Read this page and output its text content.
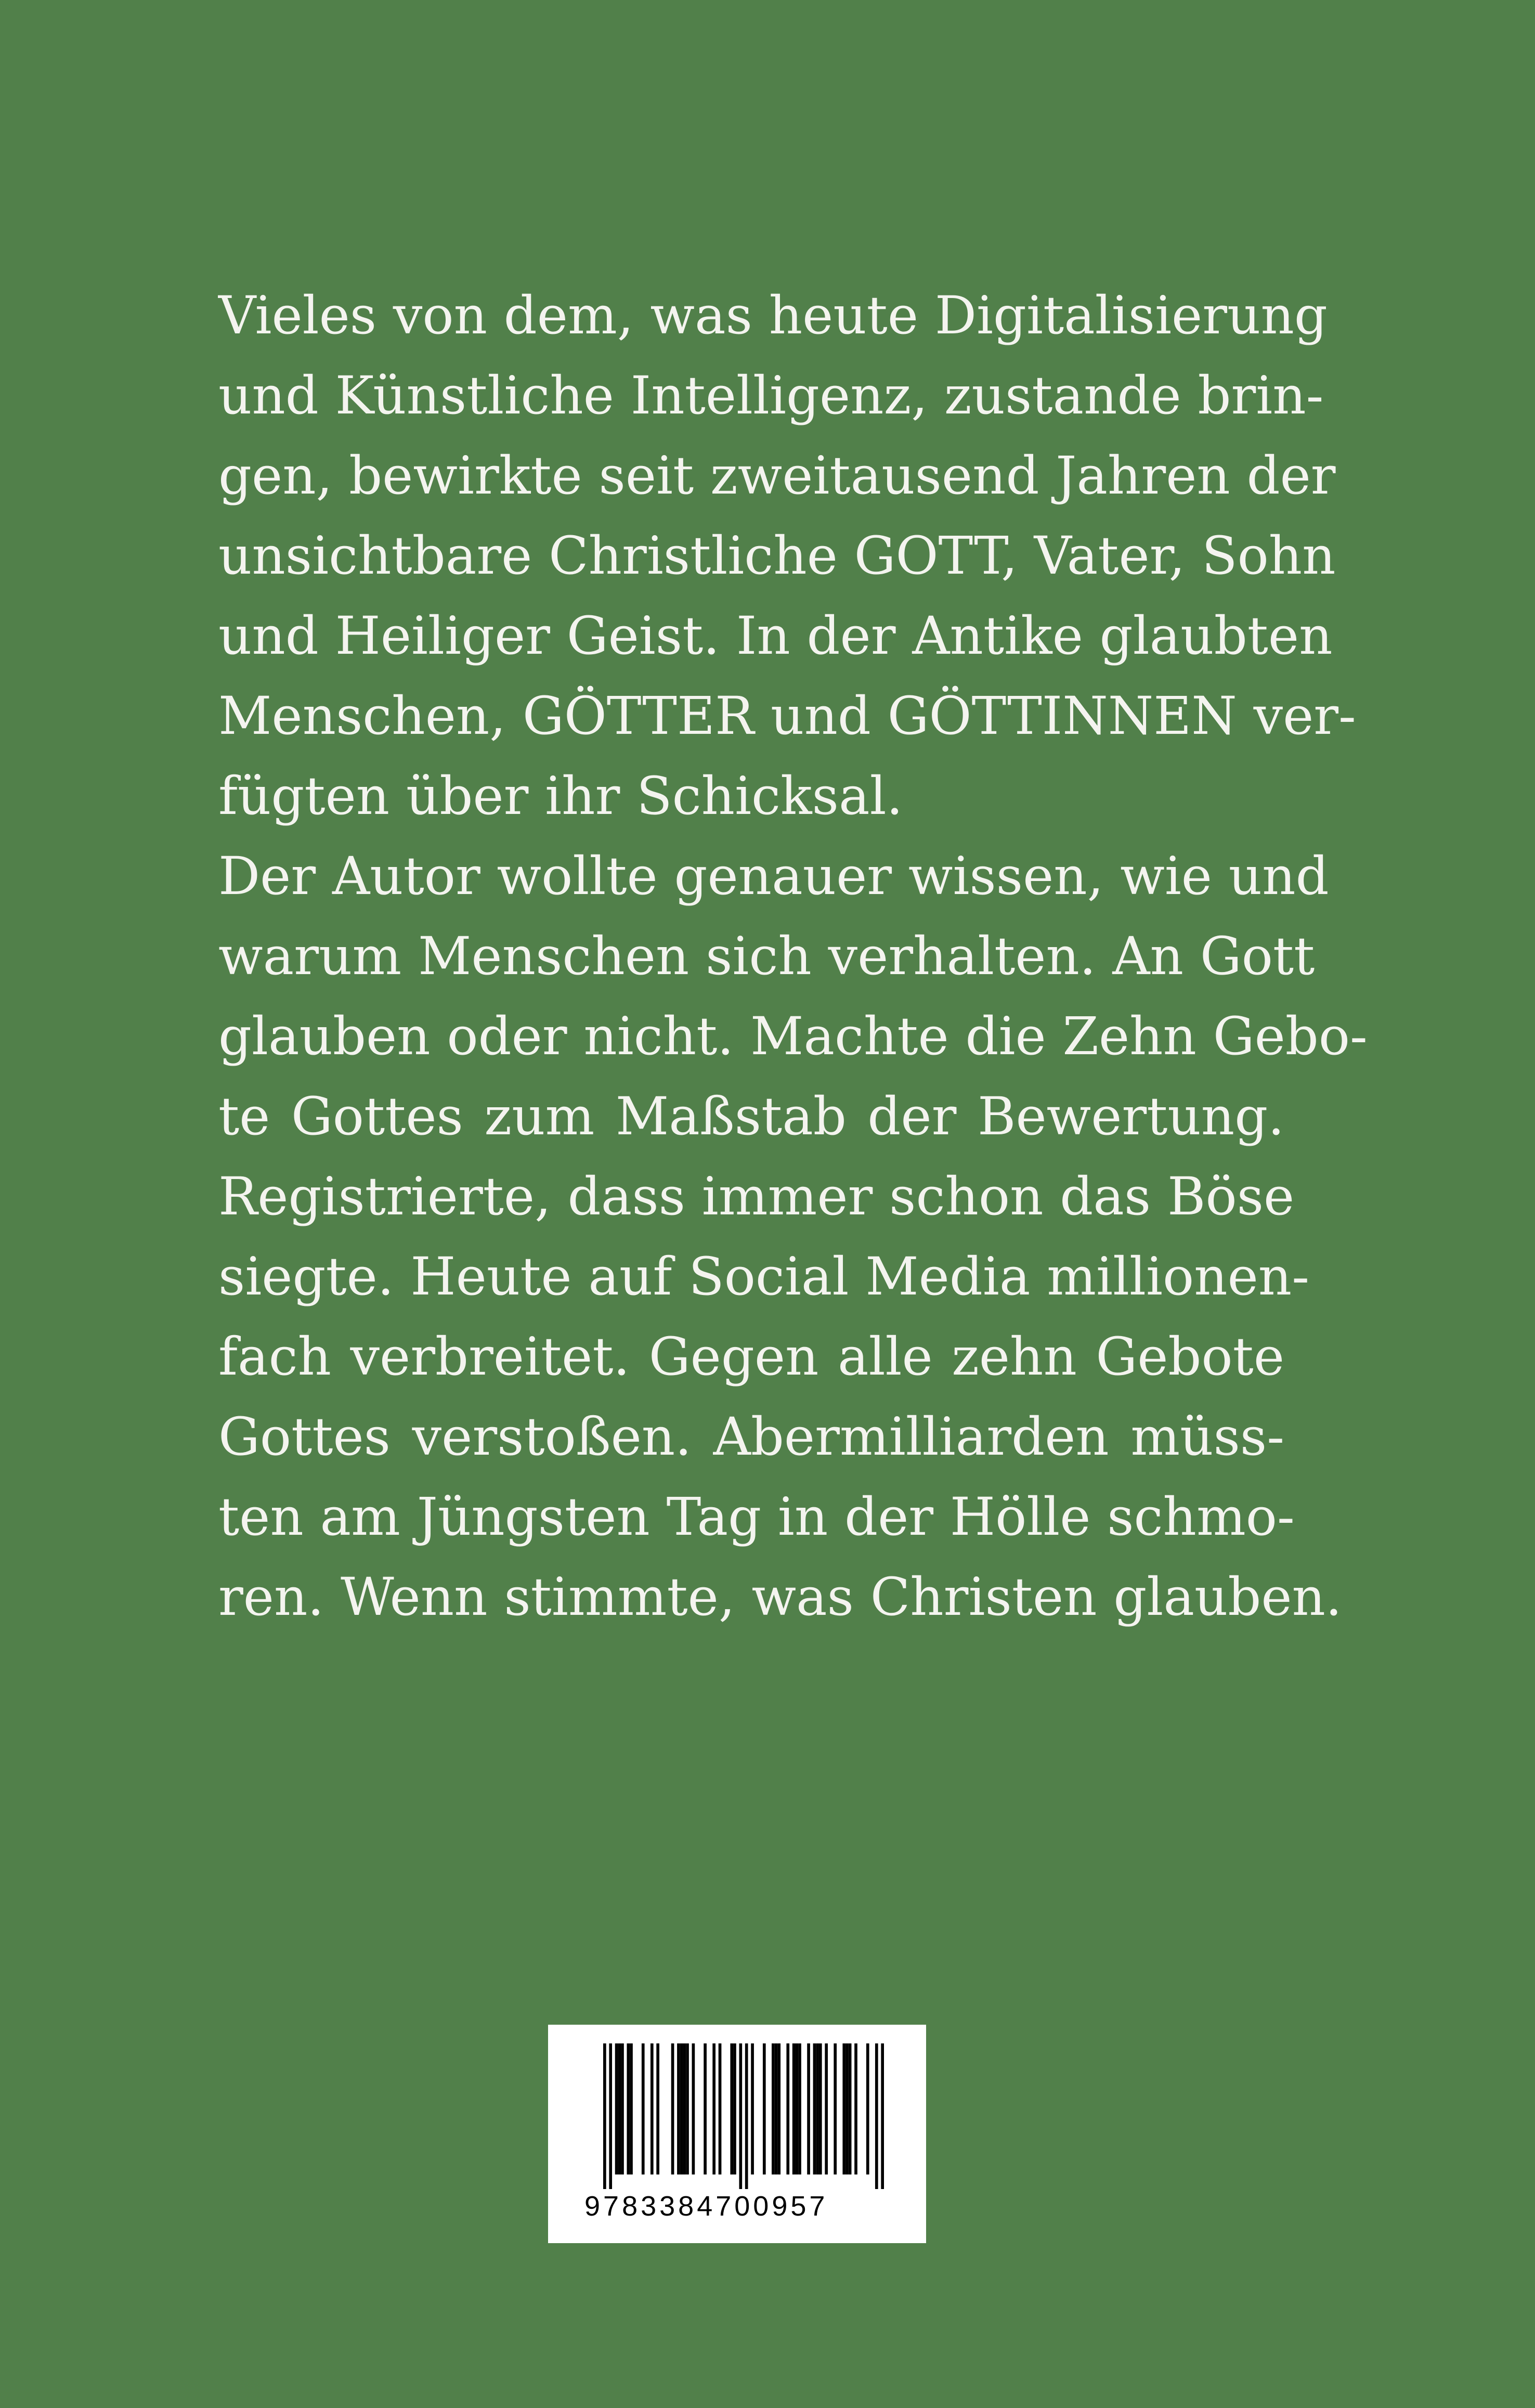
Vieles von dem, was heute Digitalisierung
und Künstliche Intelligenz, zustande brin-
gen, bewirkte seit zweitausend Jahren der
unsichtbare Christliche GOTT, Vater, Sohn
und Heiliger Geist. In der Antike glaubten
Menschen, GÖTTER und GÖTTINNEN ver-
fügten über ihr Schicksal.
Der Autor wollte genauer wissen, wie und
warum Menschen sich verhalten. An Gott
glauben oder nicht. Machte die Zehn Gebo-
te Gottes zum Maßstab der Bewertung.
Registrierte, dass immer schon das Böse
siegte. Heute auf Social Media millionen-
fach verbreitet. Gegen alle zehn Gebote
Gottes verstoßen. Abermilliarden müss-
ten am Jüngsten Tag in der Hölle schmo-
ren. Wenn stimmte, was Christen glauben.
9783384700957
